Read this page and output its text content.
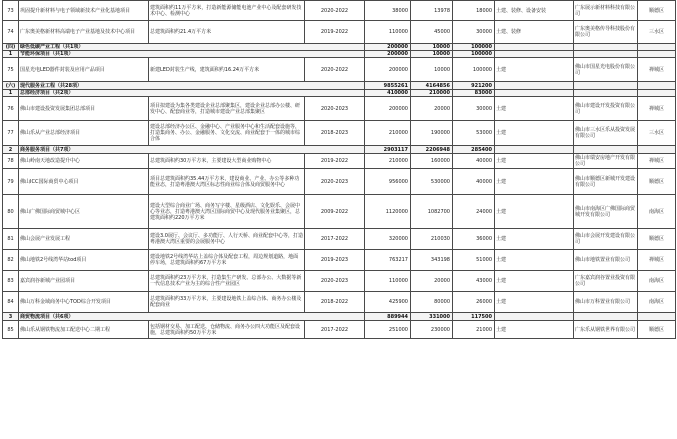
73	巩固提升新材料与电子领域新技术产业化基地项目	建筑面积约11万平方米，打造新能源储能电池产业中心及配套研发技术中心、检测中心	2020-2022	38000	13978	18000	土建、装修、设备安装	广东展示新材料科技有限公司	顺德区
74	广东奥美格新材料高端电子产业基地及技术中心项目	总建筑面积约21.4万平方米	2019-2022	110000	45000	30000	土建、装修	广东奥美格传导科技股份有限公司	三水区
(四)	绿色低碳产业工程（共1项）			200000	10000	100000			
1	节能环保项目（共1项）			200000	10000	100000			
75	国星光电LED器件封装及应用产品项目	新建LED封装生产线，建筑面积约16.24万平方米	2020-2022	200000	10000	100000	土建	佛山市国星光电股份有限公司	禅城区
(六)	现代服务业工程（共28项）			9855261	4164856	921200			
1	总部经济项目（共2项）			410000	210000	83000			
76	佛山市建设投资发展集团总部项目	项目拟建设为集各类建设企业总部聚集区，建设企业总部办公楼、研发中心、配套商业等，打造城市建设产业总部集聚区	2020-2023	200000	20000	30000	土建	佛山市建设开发投资有限公司	禅城区
77	佛山乐从产业总部经济项目	建设总部经济办公区、金融中心、产业服务中心和生活配套设施等，打造集商务、办公、金融服务、文化交流、商业配套于一体的城市综合体	2018-2023	210000	190000	53000	土建	佛山市三水区乐从投资发展有限公司	三水区
2	商务服务项目（共7项）			2903117	2206948	285400			
78	佛山岭南天地改造提升中心	总建筑面积约30万平方米，主要建设大型商业购物中心	2019-2022	210000	160000	40000	土建	佛山市瑞安房地产开发有限公司	禅城区
79	佛山ICC国际商贸中心项目	项目总建筑面积约35.44万平方米，建设商业、产业、办公等多种功能业态，打造粤港澳大湾区标志性商业综合体及商贸服务中心	2020-2023	956000	530000	40000	土建	佛山市顺德区新城开发建设有限公司	顺德区
80	佛山广佛国际商贸城中心区	建设大型综合商业广场、商务写字楼、星级酒店、文化娱乐、会展中心等业态，打造粤港澳大湾区国际商贸中心及现代服务业集聚区，总建筑面积约220万平方米	2009-2022	1120000	1082700	24000	土建	佛山市南海区广佛国际商贸城开发有限公司	南海区
81	佛山会展产业发展工程	建设3.0展厅、会议厅、多功能厅、人行天桥、商业配套中心等，打造粤港澳大湾区重要的会展服务中心	2017-2022	320000	210030	36000	土建	佛山市会展开发建设有限公司	顺德区
82	佛山地铁2号线湾华站tod项目	建设地铁2号线湾华站上盖综合体及配套工程，周边规划道路，地面停车场，总建筑面积约67万平方米	2019-2023	763217	343198	51000	土建	佛山市地铁置业有限公司	禅城区
83	嘉宾润谷新城产业园项目	总建筑面积约23万平方米，打造集生产研发、总部办公、大数据等新一代信息技术产业为主的综合性产业园区	2020-2023	110000	20000	43000	土建	广东嘉宾润谷置业投资有限公司	南海区
84	佛山万科金域商务中心TOD综合开发项目	总建筑面积约33万平方米，主要建设地铁上盖综合体、商务办公楼及配套商业	2018-2022	425900	80000	26000	土建	佛山市万科置业有限公司	南海区
3	商贸物流项目（共6项）			889944	331000	117500			
85	佛山乐从钢铁物流加工配送中心二期工程	包括钢材交易、加工配送、仓储物流、商务办公四大功能区及配套设施，总建筑面积约50万平方米	2017-2022	251000	230000	21000	土建	广东乐从钢铁世界有限公司	顺德区
